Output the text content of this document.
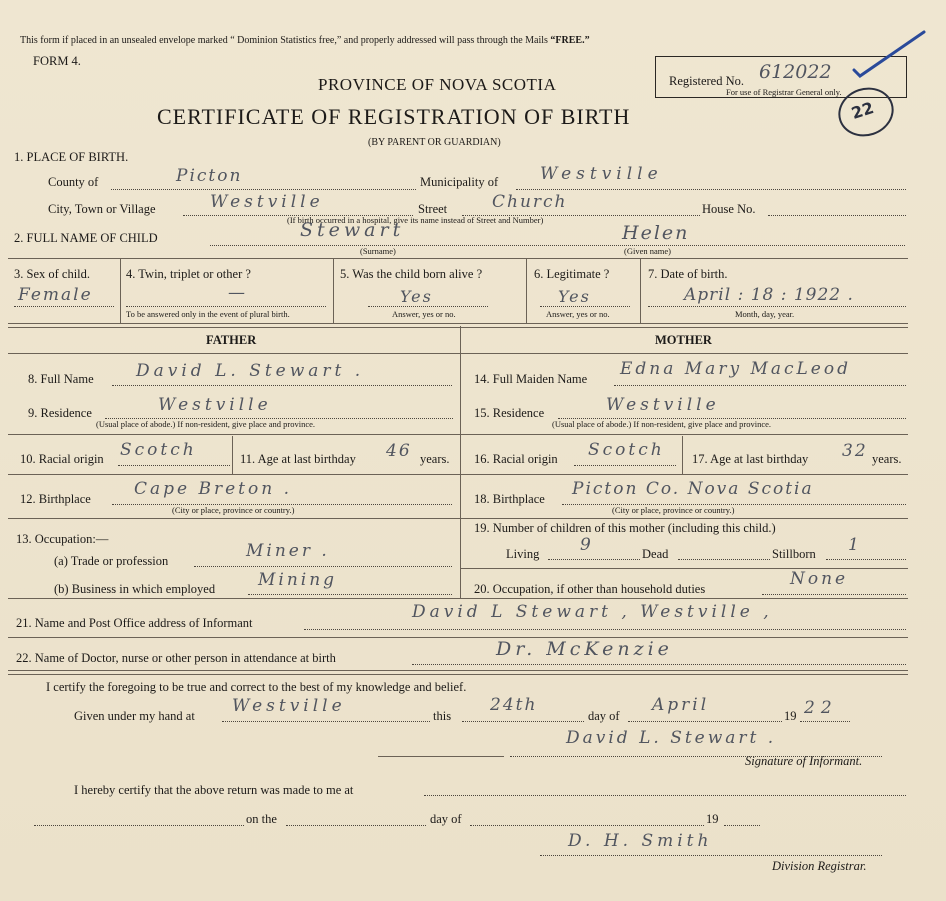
This form if placed in an unsealed envelope marked “ Dominion Statistics free,” and properly addressed will pass through the Mails “FREE.”
FORM 4.
PROVINCE OF NOVA SCOTIA
CERTIFICATE OF REGISTRATION OF BIRTH
(BY PARENT OR GUARDIAN)
Registered No. 612022
For use of Registrar General only.
22
1. PLACE OF BIRTH.
County of	Picton	Municipality of Westville
City, Town or Village	Westville	Street	Church	House No.
(If birth occurred in a hospital, give its name instead of Street and Number)
2. FULL NAME OF CHILD	Stewart	Helen
(Surname)	(Given name)
3. Sex of child.
Female
4. Twin, triplet or other ?
—
To be answered only in the event of plural birth.
5. Was the child born alive ?
Yes
Answer, yes or no.
6. Legitimate ?
Yes
Answer, yes or no.
7. Date of birth.
April : 18 : 1922 .
Month, day, year.
FATHER	MOTHER
8. Full Name David L. Stewart .
9. Residence	Westville
(Usual place of abode.) If non-resident, give place and province.
10. Racial origin Scotch	11. Age at last birthday 46 years.
12. Birthplace	Cape Breton .
(City or place, province or country.)
13. Occupation:—
(a) Trade or profession	Miner .
(b) Business in which employed	Mining
14. Full Maiden Name Edna Mary MacLeod
15. Residence	Westville
(Usual place of abode.) If non-resident, give place and province.
16. Racial origin Scotch 17. Age at last birthday 32 years.
18. Birthplace Picton Co. Nova Scotia
(City or place, province or country.)
19. Number of children of this mother (including this child.)
Living 9	Dead	Stillborn 1
20. Occupation, if other than household duties	None
21. Name and Post Office address of Informant
David L Stewart , Westville ,
22. Name of Doctor, nurse or other person in attendance at birth	Dr. McKenzie
I certify the foregoing to be true and correct to the best of my knowledge and belief.
Given under my hand at Westville	this
24th
day of
April
19 22
David L. Stewart .
Signature of Informant.
I hereby certify that the above return was made to me at
on the	day of	19
D. H. Smith
Division Registrar.
